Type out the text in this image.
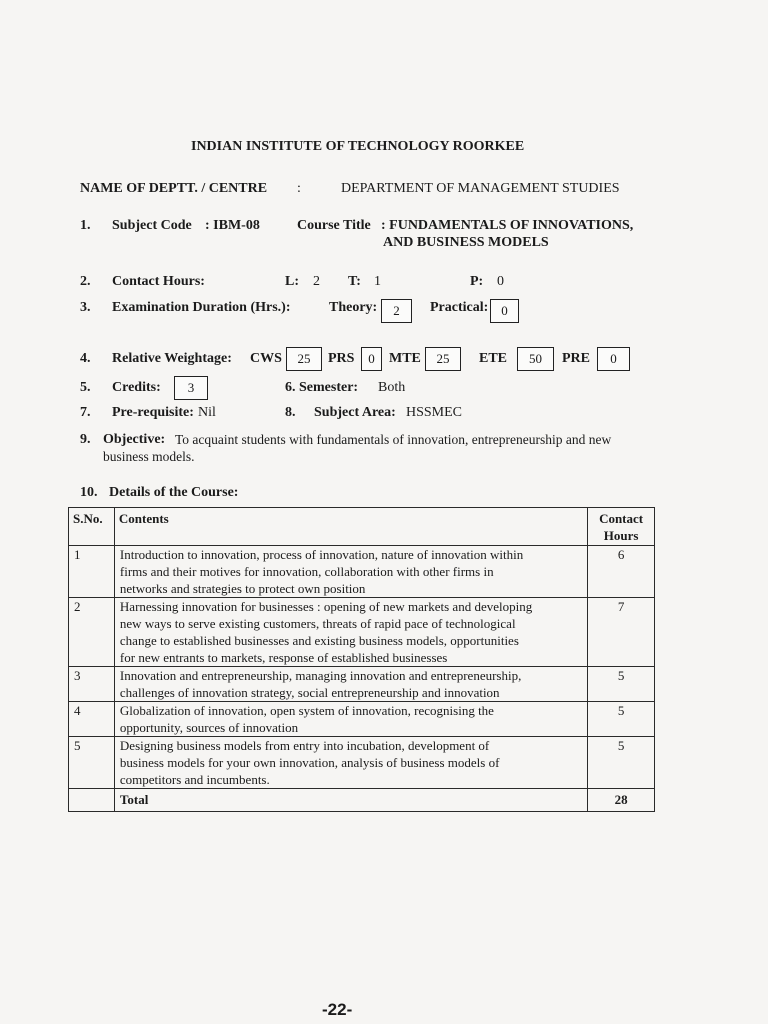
INDIAN INSTITUTE OF TECHNOLOGY ROORKEE
NAME OF DEPTT. / CENTRE :	DEPARTMENT OF MANAGEMENT STUDIES
1. Subject Code : IBM-08	Course Title : FUNDAMENTALS OF INNOVATIONS,
AND BUSINESS MODELS
2. Contact Hours:	L: 2 T: 1	P: 0
3. Examination Duration (Hrs.):	Theory:	2	Practical: 0
4. Relative Weightage: CWS	25	PRS	0	MTE	25	ETE	50	PRE	0
5. Credits:	3	6. Semester: Both
7. Pre-requisite: Nil	8. Subject Area: HSSMEC
9. Objective: To acquaint students with fundamentals of innovation, entrepreneurship and new
business models.
10. Details of the Course:
S.No.	Contents	Contact
Hours

1	Introduction to innovation, process of innovation, nature of innovation within
firms and their motives for innovation, collaboration with other firms in
networks and strategies to protect own position	6
2	Harnessing innovation for businesses : opening of new markets and developing
new ways to serve existing customers, threats of rapid pace of technological
change to established businesses and existing business models, opportunities
for new entrants to markets, response of established businesses	7
3	Innovation and entrepreneurship, managing innovation and entrepreneurship,
challenges of innovation strategy, social entrepreneurship and innovation	5
4	Globalization of innovation, open system of innovation, recognising the
opportunity, sources of innovation	5
5	Designing business models from entry into incubation, development of
business models for your own innovation, analysis of business models of
competitors and incumbents.	5
	Total	28
-22-
